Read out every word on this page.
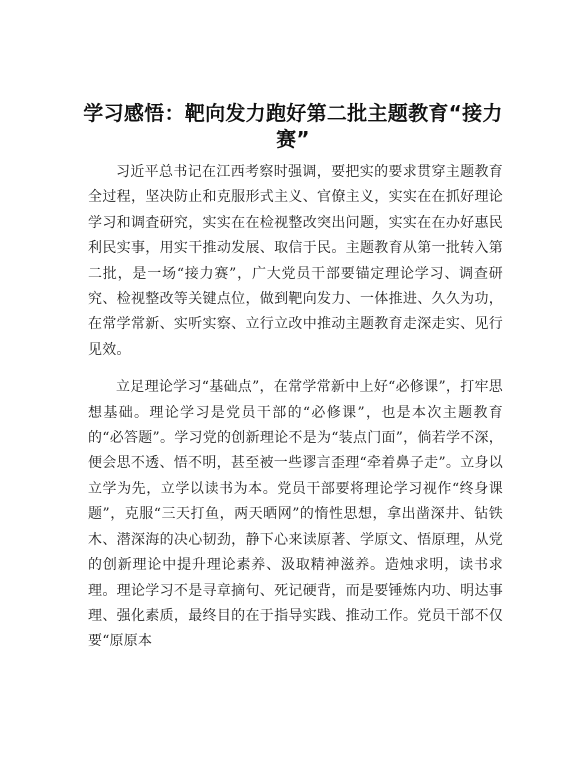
学习感悟：靶向发力跑好第二批主题教育“接力赛”

习近平总书记在江西考察时强调，要把实的要求贯穿主题教育全过程，坚决防止和克服形式主义、官僚主义，实实在在抓好理论学习和调査研究，实实在在检视整改突出问题，实实在在办好惠民利民实事，用实干推动发展、取信于民。主题教育从第一批转入第二批，是一场“接力赛”，广大党员干部要锚定理论学习、调查研究、检视整改等关键点位，做到靶向发力、一体推进、久久为功，在常学常新、实听实察、立行立改中推动主题教育走深走实、见行见效。

立足理论学习“基础点”，在常学常新中上好“必修课”，打牢思想基础。理论学习是党员干部的“必修课”，也是本次主题教育的“必答题”。学习党的创新理论不是为“装点门面”，倘若学不深，便会思不透、悟不明，甚至被一些谬言歪理“牵着鼻子走”。立身以立学为先，立学以读书为本。党员干部要将理论学习视作“终身课题”，克服“三天打鱼，两天晒网”的惰性思想，拿出凿深井、钻铁木、潜深海的决心韧劲，静下心来读原著、学原文、悟原理，从党的创新理论中提升理论素养、汲取精神滋养。造烛求明，读书求理。理论学习不是寻章摘句、死记硬背，而是要锤炼内功、明达事理、强化素质，最终目的在于指导实践、推动工作。党员干部不仅要“原原本
